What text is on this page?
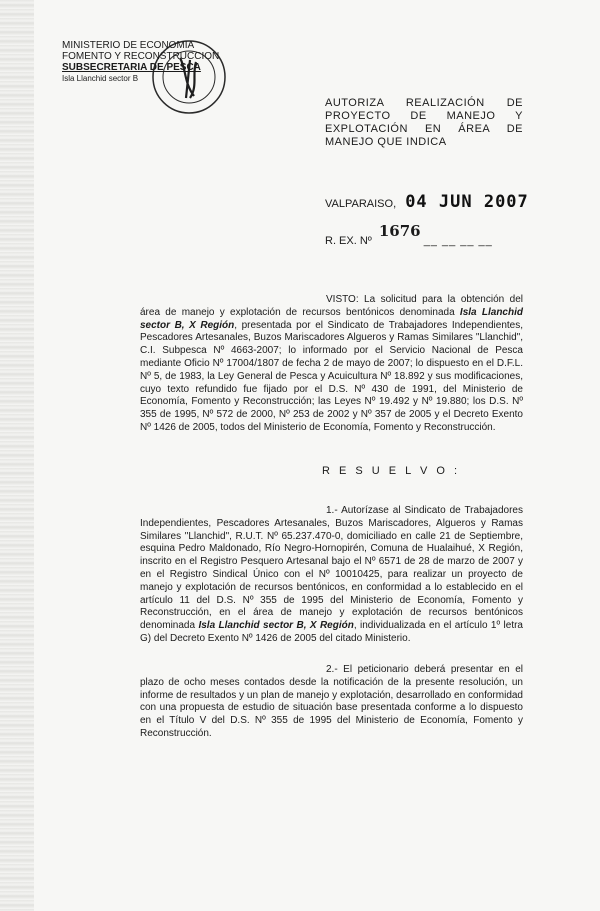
MINISTERIO DE ECONOMIA
FOMENTO Y RECONSTRUCCION
SUBSECRETARIA DE PESCA
Isla Llanchid sector B
AUTORIZA REALIZACIÓN DE PROYECTO DE MANEJO Y EXPLOTACIÓN EN ÁREA DE MANEJO QUE INDICA
VALPARAISO, 04 JUN 2007
R. EX. Nº 1676 __ __ __ __
VISTO: La solicitud para la obtención del área de manejo y explotación de recursos bentónicos denominada Isla Llanchid sector B, X Región, presentada por el Sindicato de Trabajadores Independientes, Pescadores Artesanales, Buzos Mariscadores Algueros y Ramas Similares "Llanchid", C.I. Subpesca Nº 4663-2007; lo informado por el Servicio Nacional de Pesca mediante Oficio Nº 17004/1807 de fecha 2 de mayo de 2007; lo dispuesto en el D.F.L. Nº 5, de 1983, la Ley General de Pesca y Acuicultura Nº 18.892 y sus modificaciones, cuyo texto refundido fue fijado por el D.S. Nº 430 de 1991, del Ministerio de Economía, Fomento y Reconstrucción; las Leyes Nº 19.492 y Nº 19.880; los D.S. Nº 355 de 1995, Nº 572 de 2000, Nº 253 de 2002 y Nº 357 de 2005 y el Decreto Exento Nº 1426 de 2005, todos del Ministerio de Economía, Fomento y Reconstrucción.
R E S U E L V O :
1.- Autorízase al Sindicato de Trabajadores Independientes, Pescadores Artesanales, Buzos Mariscadores, Algueros y Ramas Similares "Llanchid", R.U.T. Nº 65.237.470-0, domiciliado en calle 21 de Septiembre, esquina Pedro Maldonado, Río Negro-Hornopirén, Comuna de Hualaihué, X Región, inscrito en el Registro Pesquero Artesanal bajo el Nº 6571 de 28 de marzo de 2007 y en el Registro Sindical Único con el Nº 10010425, para realizar un proyecto de manejo y explotación de recursos bentónicos, en conformidad a lo establecido en el artículo 11 del D.S. Nº 355 de 1995 del Ministerio de Economía, Fomento y Reconstrucción, en el área de manejo y explotación de recursos bentónicos denominada Isla Llanchid sector B, X Región, individualizada en el artículo 1º letra G) del Decreto Exento Nº 1426 de 2005 del citado Ministerio.
2.- El peticionario deberá presentar en el plazo de ocho meses contados desde la notificación de la presente resolución, un informe de resultados y un plan de manejo y explotación, desarrollado en conformidad con una propuesta de estudio de situación base presentada conforme a lo dispuesto en el Título V del D.S. Nº 355 de 1995 del Ministerio de Economía, Fomento y Reconstrucción.
